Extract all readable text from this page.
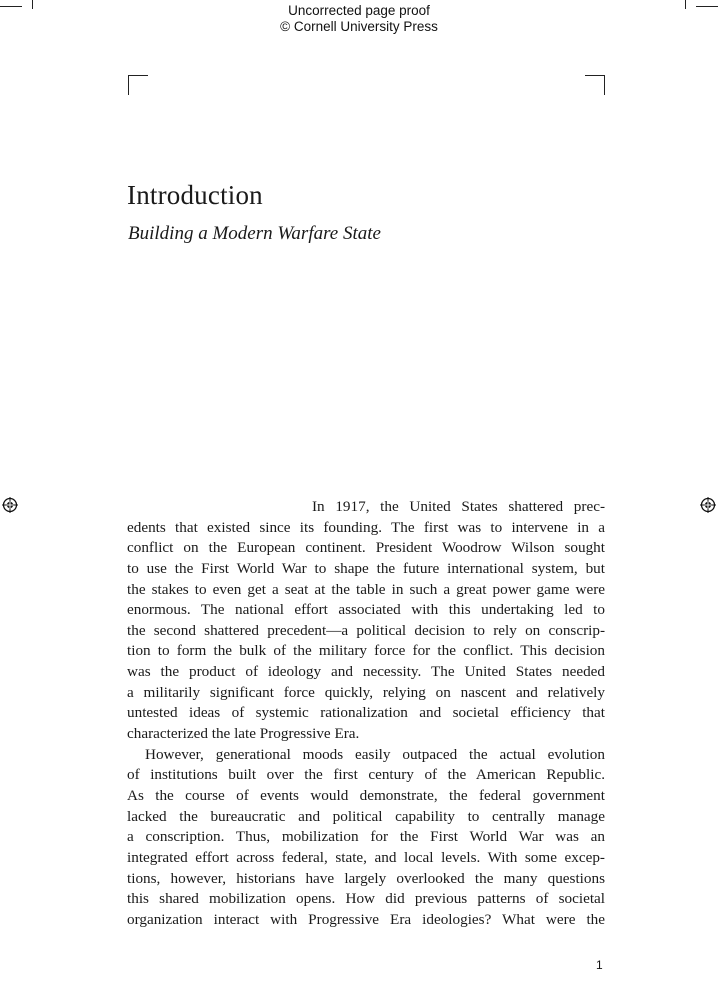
Uncorrected page proof
© Cornell University Press
Introduction
Building a Modern Warfare State
In 1917, the United States shattered prec-
edents that existed since its founding. The first was to intervene in a
conflict on the European continent. President Woodrow Wilson sought
to use the First World War to shape the future international system, but
the stakes to even get a seat at the table in such a great power game were
enormous. The national effort associated with this undertaking led to
the second shattered precedent—a political decision to rely on conscrip-
tion to form the bulk of the military force for the conflict. This decision
was the product of ideology and necessity. The United States needed
a militarily significant force quickly, relying on nascent and relatively
untested ideas of systemic rationalization and societal efficiency that
characterized the late Progressive Era.
However, generational moods easily outpaced the actual evolution
of institutions built over the first century of the American Republic.
As the course of events would demonstrate, the federal government
lacked the bureaucratic and political capability to centrally manage
a conscription. Thus, mobilization for the First World War was an
integrated effort across federal, state, and local levels. With some excep-
tions, however, historians have largely overlooked the many questions
this shared mobilization opens. How did previous patterns of societal
organization interact with Progressive Era ideologies? What were the
1
